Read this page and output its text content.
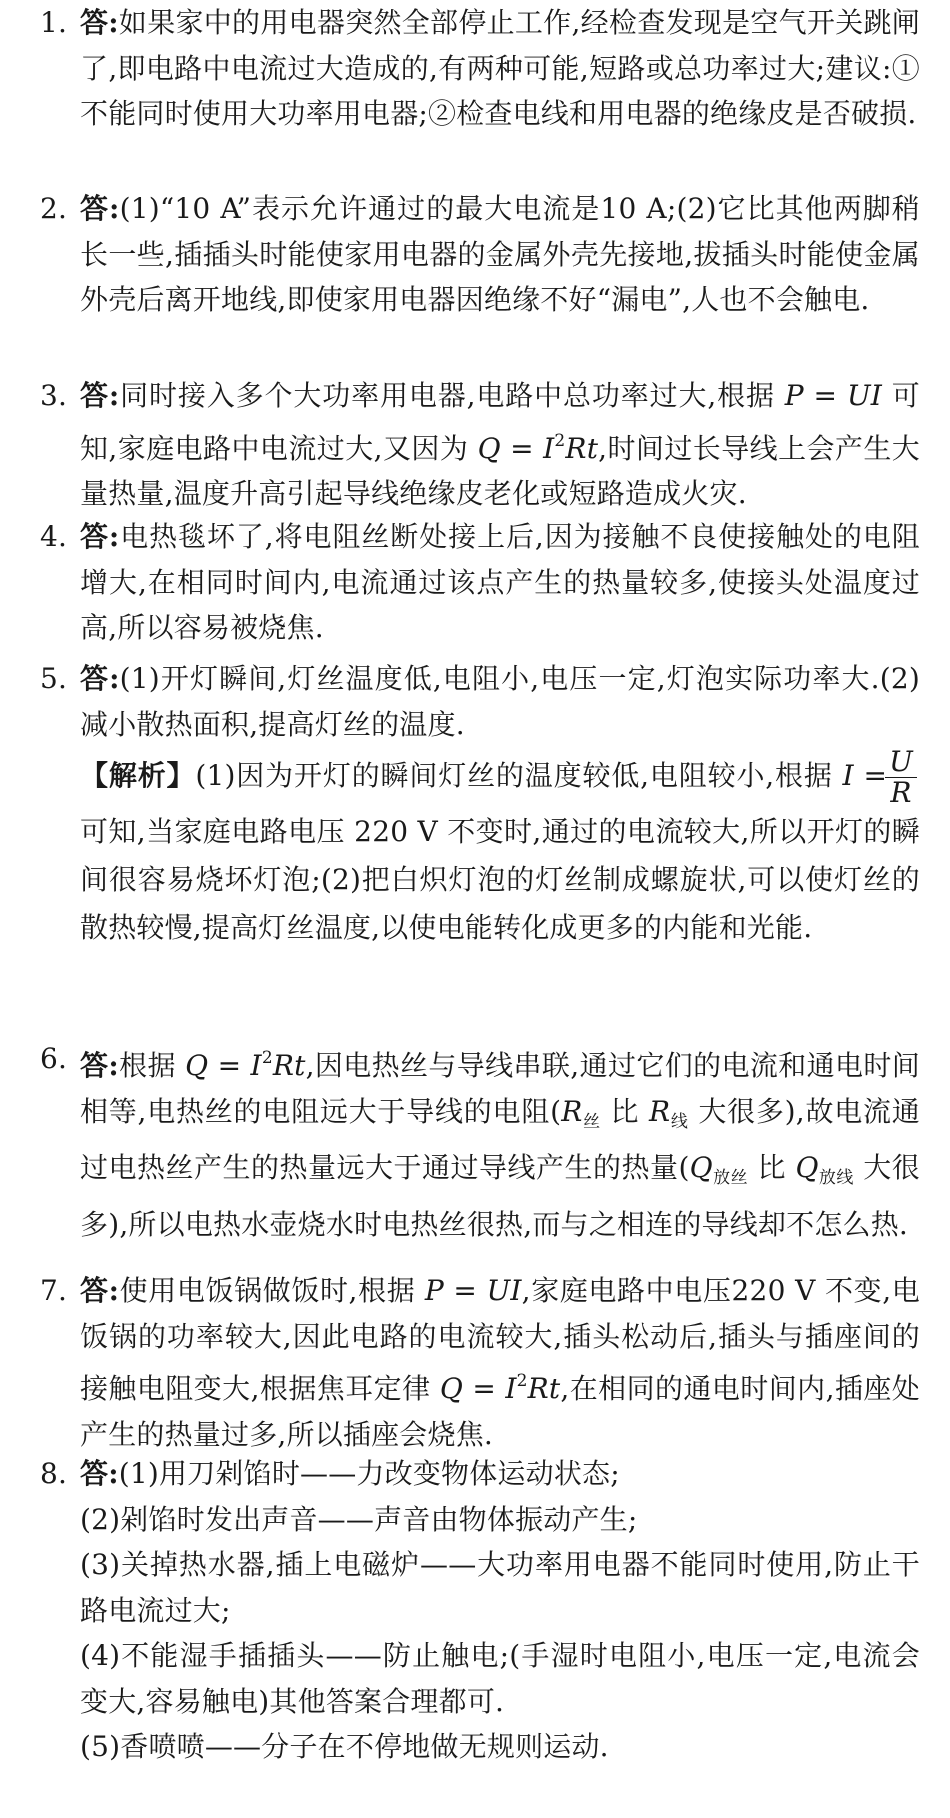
1. 答:如果家中的用电器突然全部停止工作,经检查发现是空气开关跳闸了,即电路中电流过大造成的,有两种可能,短路或总功率过大;建议:①不能同时使用大功率用电器;②检查电线和用电器的绝缘皮是否破损.
2. 答:(1)“10 A”表示允许通过的最大电流是10 A;(2)它比其他两脚稍长一些,插插头时能使家用电器的金属外壳先接地,拔插头时能使金属外壳后离开地线,即使家用电器因绝缘不好“漏电”,人也不会触电.
3. 答:同时接入多个大功率用电器,电路中总功率过大,根据 P = UI 可知,家庭电路中电流过大,又因为 $Q = I^2Rt$,时间过长导线上会产生大量热量,温度升高引起导线绝缘皮老化或短路造成火灾.
4. 答:电热毯坏了,将电阻丝断处接上后,因为接触不良使接触处的电阻增大,在相同时间内,电流通过该点产生的热量较多,使接头处温度过高,所以容易被烧焦.
5. 答:(1)开灯瞬间,灯丝温度低,电阻小,电压一定,灯泡实际功率大.(2)减小散热面积,提高灯丝的温度.
【解析】(1)因为开灯的瞬间灯丝的温度较低,电阻较小,根据 I =
$\frac{U}{R}$
可知,当家庭电路电压 220 V 不变时,通过的电流较大,所以开灯的瞬间很容易烧坏灯泡;(2)把白炽灯泡的灯丝制成螺旋状,可以使灯丝的散热较慢,提高灯丝温度,以使电能转化成更多的内能和光能.
6. 答:根据 $Q = I^2Rt$,因电热丝与导线串联,通过它们的电流和通电时间相等,电热丝的电阻远大于导线的电阻($R_丝$ 比 $R_线$ 大很多),故电流通过电热丝产生的热量远大于通过导线产生的热量($Q_{放丝}$ 比 $Q_{放线}$ 大很多),所以电热水壶烧水时电热丝很热,而与之相连的导线却不怎么热.
7. 答:使用电饭锅做饭时,根据 P = UI,家庭电路中电压220 V 不变,电饭锅的功率较大,因此电路的电流较大,插头松动后,插头与插座间的接触电阻变大,根据焦耳定律 $Q = I^2Rt$,在相同的通电时间内,插座处产生的热量过多,所以插座会烧焦.
8. 答:(1)用刀剁馅时——力改变物体运动状态;
(2)剁馅时发出声音——声音由物体振动产生;
(3)关掉热水器,插上电磁炉——大功率用电器不能同时使用,防止干路电流过大;
(4)不能湿手插插头——防止触电;(手湿时电阻小,电压一定,电流会变大,容易触电)其他答案合理都可.
(5)香喷喷——分子在不停地做无规则运动.
